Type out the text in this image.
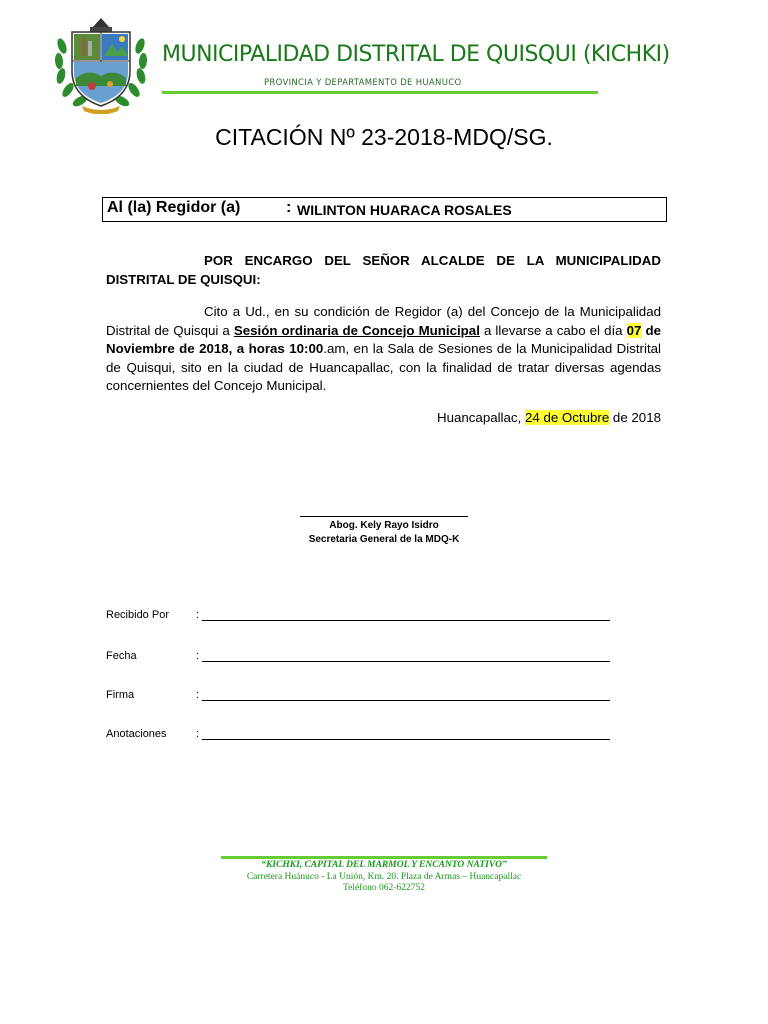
MUNICIPALIDAD DISTRITAL DE QUISQUI (KICHKI)
PROVINCIA Y DEPARTAMENTO DE HUANUCO
CITACIÓN Nº 23-2018-MDQ/SG.
Al (la) Regidor (a)	: WILINTON HUARACA ROSALES
POR ENCARGO DEL SEÑOR ALCALDE DE LA MUNICIPALIDAD DISTRITAL DE QUISQUI:
Cito a Ud., en su condición de Regidor (a) del Concejo de la Municipalidad Distrital de Quisqui a Sesión ordinaria de Concejo Municipal a llevarse a cabo el día 07 de Noviembre de 2018, a horas 10:00.am, en la Sala de Sesiones de la Municipalidad Distrital de Quisqui, sito en la ciudad de Huancapallac, con la finalidad de tratar diversas agendas concernientes del Concejo Municipal.
Huancapallac, 24 de Octubre de 2018
Abog. Kely Rayo Isidro
Secretaria General de la MDQ-K
Recibido Por :
Fecha	:
Firma	:
Anotaciones	:
“KICHKI, CAPITAL DEL MARMOL Y ENCANTO NATIVO”
Carretera Huánuco - La Unión, Km. 20. Plaza de Armas – Huancapallac
Teléfono 062-622752
